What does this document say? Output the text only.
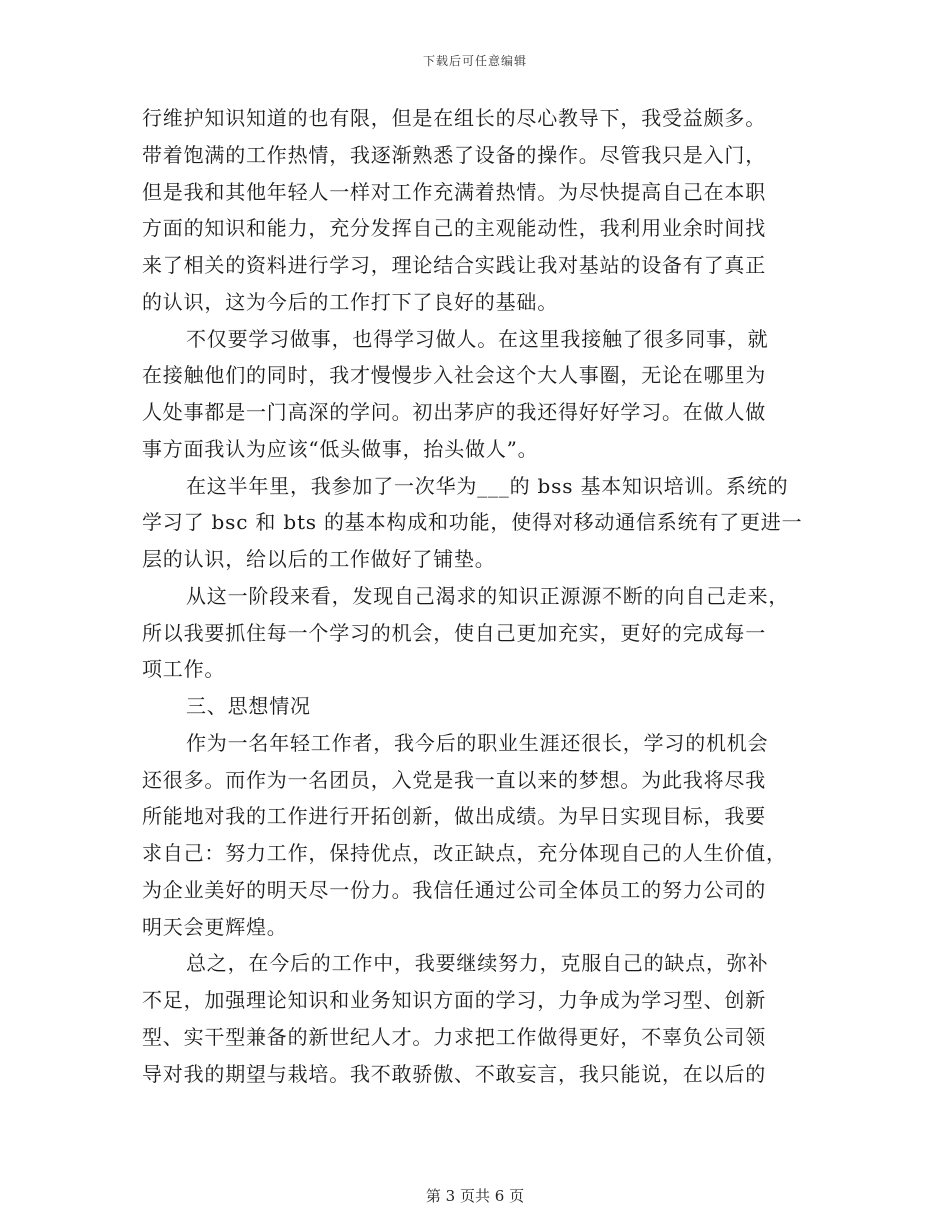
下载后可任意编辑
行维护知识知道的也有限，但是在组长的尽心教导下，我受益颇多。
带着饱满的工作热情，我逐渐熟悉了设备的操作。尽管我只是入门，
但是我和其他年轻人一样对工作充满着热情。为尽快提高自己在本职
方面的知识和能力，充分发挥自己的主观能动性，我利用业余时间找
来了相关的资料进行学习，理论结合实践让我对基站的设备有了真正
的认识，这为今后的工作打下了良好的基础。
不仅要学习做事，也得学习做人。在这里我接触了很多同事，就
在接触他们的同时，我才慢慢步入社会这个大人事圈，无论在哪里为
人处事都是一门高深的学问。初出茅庐的我还得好好学习。在做人做
事方面我认为应该“低头做事，抬头做人”。
在这半年里，我参加了一次华为___的 bss 基本知识培训。系统的
学习了 bsc 和 bts 的基本构成和功能，使得对移动通信系统有了更进一
层的认识，给以后的工作做好了铺垫。
从这一阶段来看，发现自己渴求的知识正源源不断的向自己走来，
所以我要抓住每一个学习的机会，使自己更加充实，更好的完成每一
项工作。
三、思想情况
作为一名年轻工作者，我今后的职业生涯还很长，学习的机机会
还很多。而作为一名团员，入党是我一直以来的梦想。为此我将尽我
所能地对我的工作进行开拓创新，做出成绩。为早日实现目标，我要
求自己：努力工作，保持优点，改正缺点，充分体现自己的人生价值，
为企业美好的明天尽一份力。我信任通过公司全体员工的努力公司的
明天会更辉煌。
总之，在今后的工作中，我要继续努力，克服自己的缺点，弥补
不足，加强理论知识和业务知识方面的学习，力争成为学习型、创新
型、实干型兼备的新世纪人才。力求把工作做得更好，不辜负公司领
导对我的期望与栽培。我不敢骄傲、不敢妄言，我只能说，在以后的
第 3 页共 6 页
